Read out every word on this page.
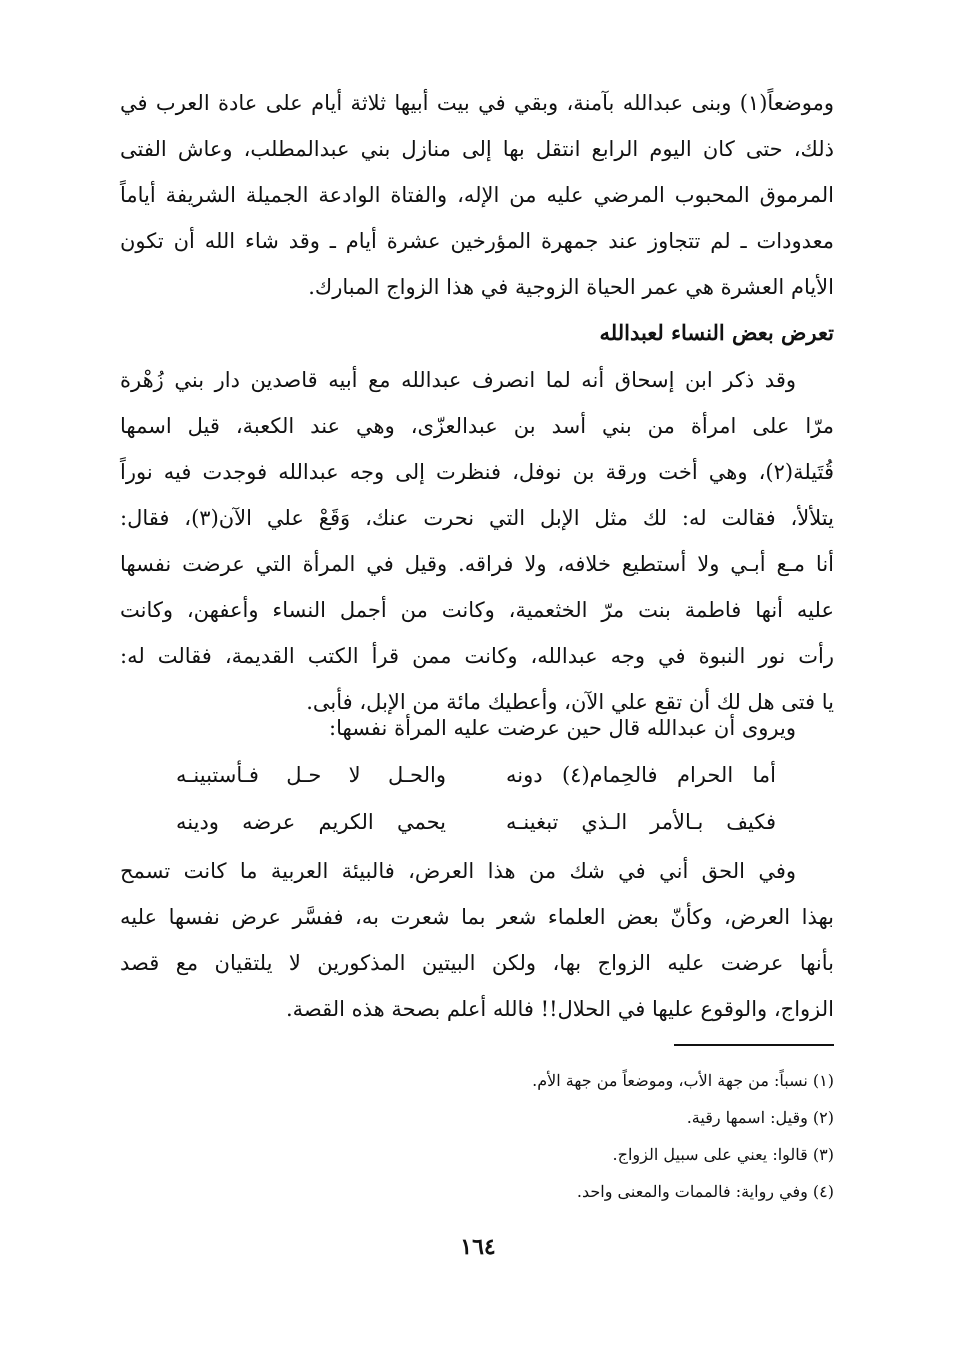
وموضعاً(١) وبنى عبدالله بآمنة، وبقي في بيت أبيها ثلاثة أيام على عادة العرب في
ذلك، حتى كان اليوم الرابع انتقل بها إلى منازل بني عبدالمطلب، وعاش الفتى
المرموق المحبوب المرضي عليه من الإله، والفتاة الوادعة الجميلة الشريفة أياماً
معدودات ـ لم تتجاوز عند جمهرة المؤرخين عشرة أيام ـ وقد شاء الله أن تكون
الأيام العشرة هي عمر الحياة الزوجية في هذا الزواج المبارك.
تعرض بعض النساء لعبدالله
وقد ذكر ابن إسحاق أنه لما انصرف عبدالله مع أبيه قاصدين دار بني زُهْرة
مرّا على امرأة من بني أسد بن عبدالعزّى، وهي عند الكعبة، قيل اسمها
قُتَيلة(٢)، وهي أخت ورقة بن نوفل، فنظرت إلى وجه عبدالله فوجدت فيه نوراً
يتلألأ، فقالت له: لك مثل الإبل التي نحرت عنك، وَقَعْ علي الآن(٣)، فقال:
أنا مـع أبـي ولا أستطيع خلافه، ولا فراقه. وقيل في المرأة التي عرضت نفسها
عليه أنها فاطمة بنت مرّ الخثعمية، وكانت من أجمل النساء وأعفهن، وكانت
رأت نور النبوة في وجه عبدالله، وكانت ممن قرأ الكتب القديمة، فقالت له:
يا فتى هل لك أن تقع علي الآن، وأعطيك مائة من الإبل، فأبى.
ويروى أن عبدالله قال حين عرضت عليه المرأة نفسها:
أما الحرام فالحِمام(٤) دونه
والحـل لا حـل فـأستبينـه
فكيف بـالأمر الـذي تبغينـه
يحمي الكريم عرضه ودينه
وفي الحق أني في شك من هذا العرض، فالبيئة العربية ما كانت تسمح
بهذا العرض، وكأنّ بعض العلماء شعر بما شعرت به، ففسَّر عرض نفسها عليه
بأنها عرضت عليه الزواج بها، ولكن البيتين المذكورين لا يلتقيان مع قصد
الزواج، والوقوع عليها في الحلال!! فالله أعلم بصحة هذه القصة.
(١) نسباً: من جهة الأب، وموضعاً من جهة الأم.
(٢) وقيل: اسمها رقية.
(٣) قالوا: يعني على سبيل الزواج.
(٤) وفي رواية: فالممات والمعنى واحد.
١٦٤
